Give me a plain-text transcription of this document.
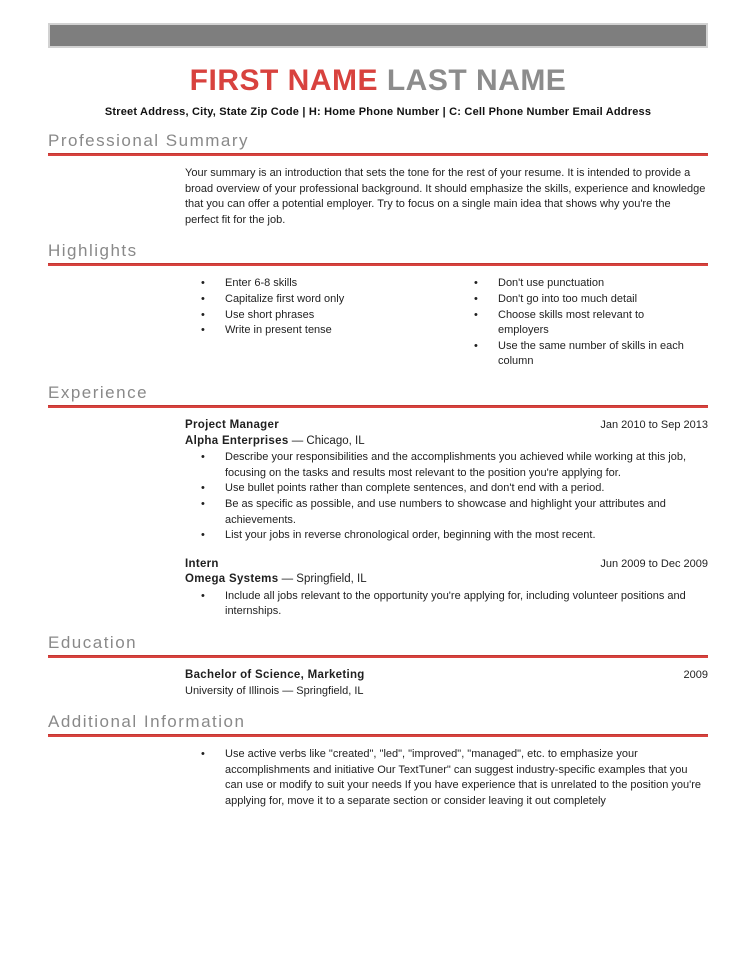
FIRST NAME LAST NAME
Street Address, City, State Zip Code | H: Home Phone Number | C: Cell Phone Number Email Address
Professional Summary
Your summary is an introduction that sets the tone for the rest of your resume. It is intended to provide a broad overview of your professional background. It should emphasize the skills, experience and knowledge that you can offer a potential employer. Try to focus on a single main idea that shows why you're the perfect fit for the job.
Highlights
•	Enter 6-8 skills
•	Capitalize first word only
•	Use short phrases
•	Write in present tense
•	Don't use punctuation
•	Don't go into too much detail
•	Choose skills most relevant to employers
•	Use the same number of skills in each column
Experience
Project Manager	Jan 2010 to Sep 2013
Alpha Enterprises — Chicago, IL
•	Describe your responsibilities and the accomplishments you achieved while working at this job, focusing on the tasks and results most relevant to the position you're applying for.
•	Use bullet points rather than complete sentences, and don't end with a period.
•	Be as specific as possible, and use numbers to showcase and highlight your attributes and achievements.
•	List your jobs in reverse chronological order, beginning with the most recent.
Intern	Jun 2009 to Dec 2009
Omega Systems — Springfield, IL
•	Include all jobs relevant to the opportunity you're applying for, including volunteer positions and internships.
Education
Bachelor of Science, Marketing	2009
University of Illinois — Springfield, IL
Additional Information
•	Use active verbs like "created", "led", "improved", "managed", etc. to emphasize your accomplishments and initiative Our TextTuner" can suggest industry-specific examples that you can use or modify to suit your needs If you have experience that is unrelated to the position you're applying for, move it to a separate section or consider leaving it out completely
